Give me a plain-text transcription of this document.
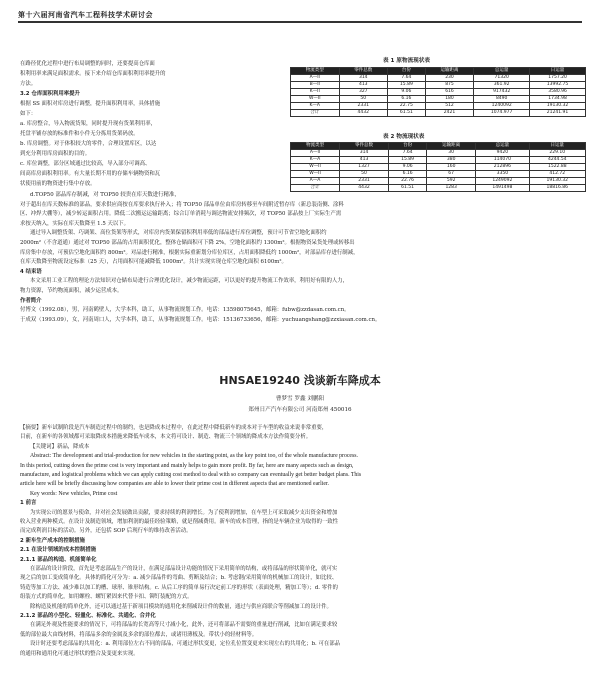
第十六届河南省汽车工程科技学术研讨会
在路径优化过程中进行布局调整的同时，还要提高仓库面
积利用率来满足面积需求。接下来介绍仓库面积利用率提升的
方法。
3.2 仓库面积利用率提升
根据 SS 面积对库房进行调整，提升面积利用率，具体措施
如下：
a. 库房整合，导入物流货架，同时提升现有货架利用率，
托盘平铺存放的标准件和小件无分拣用货架码放。
b. 库房调整。对于体积较大的零件，合理设置库区，以达
到充分利用库房面积的目的。
c. 库位调整，部分区域通过比较高，导入部分可调高、
间高库房面积利用率。有大量长期不用的存储车辆物资和瓦
状使用前的物资进行集中存放。
表 1 原物流现状表
物流类型	零件总数	台份	运输距离	总运量	日运量
A—II	314	7.64	230	71320	1757.20
B—II	413	15.89	875	361.92	13992.75
K—II	327	9.06	616	917432	3580.96
W—II	50	6.16	180	8490	1734.98
K—A	2331	22.75	512	1240092	19130.32
合计	4432	61.51	2421	1074.977	21241.91
表 2 物流现状表
物流类型	零件总数	台份	运输距离	总运量	日运量
A—II	314	7.64	30	9420	229.10
K—A	413	15.89	380	114070	4244.54
W—II	1327	9.06	160	212896	1522.88
W—II	50	6.16	67	3350	412.72
A—A	2331	22.76	592	1249092	19130.32
合计	4432	61.51	1283	1491498	18816.86
d.TOP50 部品库存制减，对 TOP50 较贵在库天数进行精准，
对于超出在库天数标准的部品，要求供应商按在库要求执行补入；将 TOP50 部品单位由库房转移至车间附近暂存库（新总装南侧、涂料
区、冲焊大棚等），减少转运面积占用。降低二次搬运运输距离；综合订单消耗与调达物流安排频次，对 TOP50 部品按上厂实际生产需
求按天纳入，实际在库天数降至 1.5 天以下。
通过导入调整货架、巧调架、高位货架等形式，对库房内货架保留积利用率低的部品进行库位调整，预计可节省空地化面积约
2000m²（不含道通）通过对 TOP50 部品的占用面积优化，整体仓储面积可下降 2%，空地化面积约 1300m²。根据物资呆货处理或转移出
库房集中存放，可预估空地化面积约 800m²。对品进行精准，根据实际重新划分库位库区，占用面积降低约 1000m²，对部品库存进行制减，
在库天数降至物流设定标准（25 天），占用面积可能减降低 1000m²。共计实现实现仓库空地化面积 6100m²。
4 结束语
本文采用工业工程的理论方法知识对仓储布局进行合理优化设计，减少物流运距，可以更好的提升物流工作效率，利用好有限的人力，
物力资源，节约物流面积，减少运营成本。
作者简介
付博文（1992.08），男，河南鹤壁人，大学本科，助工，从事物流规划工作。电话：13598075645，邮箱：fubw@zzdasan.com.cn。
于成双（1993.09），女，河南周口人，大学本科，助工，从事物流规划工作。电话：15136733656，邮箱：yuchuangshang@zzxiasan.com.cn。
HNSAE19240 浅谈新车降成本
曹梦雪 罗鑫 刘鹏阳
郑州日产汽车有限公司 河南郑州 450016
【摘要】新车试制阶段是汽车制造过程中的制约，也是降成本过程中，在此过程中降低新车的成本对于车型的收益来说非常重要，
目前，在新车的各领域都可采取降成本措施来降低车成本，本文将可设计、制造、物流三个领域的降成本方法作简要分析。
【关键词】新品，降成本
Abstract: The development and trial-production for new vehicles in the starting point, as the key point too, of the whole manufacture process.
In this period, cutting down the prime cost is very important and mainly helps to gain more profit. By far, here are many aspects such as design,
manufacture, and logistical problems which we can apply cutting cost method to deal with so company can eventually get better budget plans. This
article here will be briefly discussing how companies are able to lower their prime cost in different aspects that are mentioned earlier.
Key words: New vehicles, Prime cost
1 前言
为实现公司的愿景与使命，并对社会发展做出贡献，要求持续的利润增长。为了使利润增加，在车型上可采取减少支出资金和增加
收入营业两种模式。在设计及制造领域，增加利润的最佳经验策略，就是削减费用。新车的成本管理，指的是车辆企业为取得的一致性
而完成利润目标的活动。另外，还包括 SOP 后现行车的维持改善活动。
2 新车生产成本的控制措施
2.1 在设计领域的成本控制措施
2.1.1 部品的构造、机能简单化
在部品的设计阶段，首先是考虑部品生产的设计，在满足部品设计功能的情况下采用简单的结构，或将部品的形状简单化，就可实
现之后的加工变成简单化。具体的简化可分为：a. 减少部品件的弯曲、剪断及结合；b. 考虑钢/采用简单的机械加工的设计，如比较、
铸造等加工方法、减少难以加工的槽、球形、锥形结构。c. 从后工序的简单易行决定前工序的形状（表面处理，精加工等）；d. 零件的
组装方式的简单化，如用螺栓、螺钉紧固来代替卡扣、铆钉装配的方式。
除构造及机能的简单化外，还可以通过基于新项目模块的通用化来削减设计件的数量，通过与供应商联合等削减加工的设计件。
2.1.2 部品的小型化、轻量化、标准化、共通化、合并化
在满足外观及性能要求的情况下，可将部品的长宽高等尺寸减小化，此外，还可将部品不需要的重量进行削减，比如在满足要求较
低的部位最大由线材料，将部品多余的金属及多余的部位都去，或诸用薄板及。带状小的轻材料等。
设计时还要考虑部品的共用化：a. 利用部位左右不同的部品，可通过形状变更，定位孔位置变更来实现左右的共用化；b. 可在部品
的通用和通用化可通过形状的整合及变更来实现。
